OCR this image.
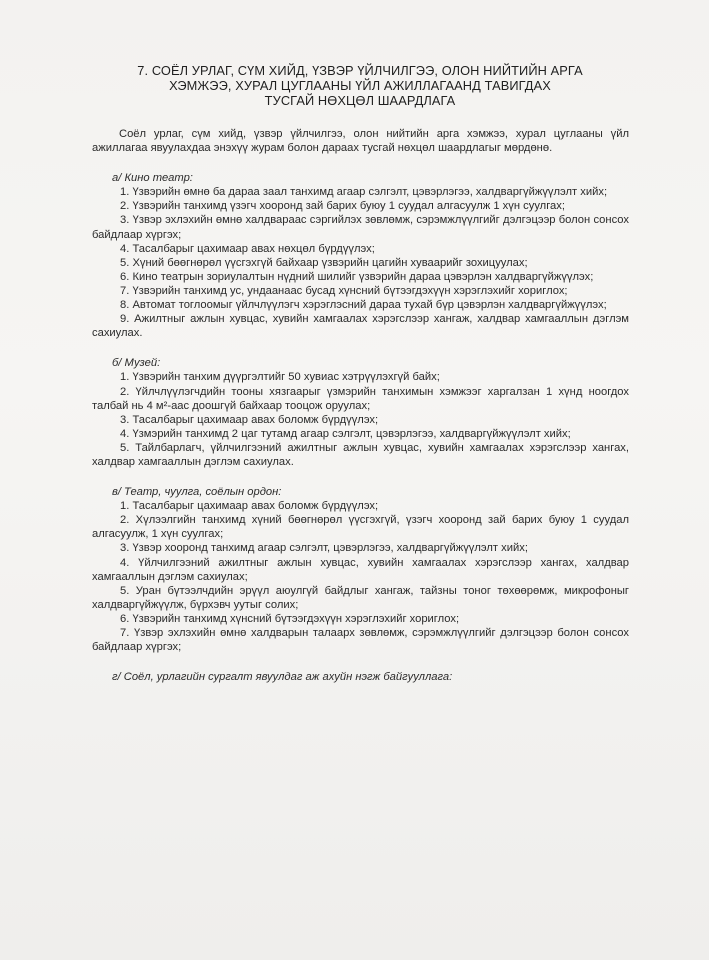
7. СОЁЛ УРЛАГ, СҮМ ХИЙД, ҮЗВЭР ҮЙЛЧИЛГЭЭ, ОЛОН НИЙТИЙН АРГА
ХЭМЖЭЭ, ХУРАЛ ЦУГЛААНЫ ҮЙЛ АЖИЛЛАГААНД ТАВИГДАХ
ТУСГАЙ НӨХЦӨЛ ШААРДЛАГА

Соёл урлаг, сүм хийд, үзвэр үйлчилгээ, олон нийтийн арга хэмжээ, хурал цуглааны үйл ажиллагаа явуулахдаа энэхүү журам болон дараах тусгай нөхцөл шаардлагыг мөрдөнө.

а/ Кино театр:

1. Үзвэрийн өмнө ба дараа заал танхимд агаар сэлгэлт, цэвэрлэгээ, халдваргүйжүүлэлт хийх;

2. Үзвэрийн танхимд үзэгч хооронд зай барих буюу 1 суудал алгасуулж 1 хүн суулгах;

3. Үзвэр эхлэхийн өмнө халдвараас сэргийлэх зөвлөмж, сэрэмжлүүлгийг дэлгэцээр болон сонсох байдлаар хүргэх;

4. Тасалбарыг цахимаар авах нөхцөл бүрдүүлэх;

5. Хүний бөөгнөрөл үүсгэхгүй байхаар үзвэрийн цагийн хуваарийг зохицуулах;

6. Кино театрын зориулалтын нүдний шилийг үзвэрийн дараа цэвэрлэн халдваргүйжүүлэх;

7. Үзвэрийн танхимд ус, ундаанаас бусад хүнсний бүтээгдэхүүн хэрэглэхийг хориглох;

8. Автомат тоглоомыг үйлчлүүлэгч хэрэглэсний дараа тухай бүр цэвэрлэн халдваргүйжүүлэх;

9. Ажилтныг ажлын хувцас, хувийн хамгаалах хэрэгслээр хангаж, халдвар хамгааллын дэглэм сахиулах.

б/ Музей:

1. Үзвэрийн танхим дүүргэлтийг 50 хувиас хэтрүүлэхгүй байх;

2. Үйлчлүүлэгчдийн тооны хязгаарыг үзмэрийн танхимын хэмжээг харгалзан 1 хүнд ноогдох талбай нь 4 м²-аас доошгүй байхаар тооцож оруулах;

3. Тасалбарыг цахимаар авах боломж бүрдүүлэх;

4. Үзмэрийн танхимд 2 цаг тутамд агаар сэлгэлт, цэвэрлэгээ, халдваргүйжүүлэлт хийх;

5. Тайлбарлагч, үйлчилгээний ажилтныг ажлын хувцас, хувийн хамгаалах хэрэгслээр хангах, халдвар хамгааллын дэглэм сахиулах.

в/ Театр, чуулга, соёлын ордон:

1. Тасалбарыг цахимаар авах боломж бүрдүүлэх;

2. Хүлээлгийн танхимд хүний бөөгнөрөл үүсгэхгүй, үзэгч хооронд зай барих буюу 1 суудал алгасуулж, 1 хүн суулгах;

3. Үзвэр хооронд танхимд агаар сэлгэлт, цэвэрлэгээ, халдваргүйжүүлэлт хийх;

4. Үйлчилгээний ажилтныг ажлын хувцас, хувийн хамгаалах хэрэгслээр хангах, халдвар хамгааллын дэглэм сахиулах;

5. Уран бүтээлчдийн эрүүл аюулгүй байдлыг хангаж, тайзны тоног төхөөрөмж, микрофоныг халдваргүйжүүлж, бүрхэвч уутыг солих;

6. Үзвэрийн танхимд хүнсний бүтээгдэхүүн хэрэглэхийг хориглох;

7. Үзвэр эхлэхийн өмнө халдварын талаарх зөвлөмж, сэрэмжлүүлгийг дэлгэцээр болон сонсох байдлаар хүргэх;

г/ Соёл, урлагийн сургалт явуулдаг аж ахуйн нэгж байгууллага:
